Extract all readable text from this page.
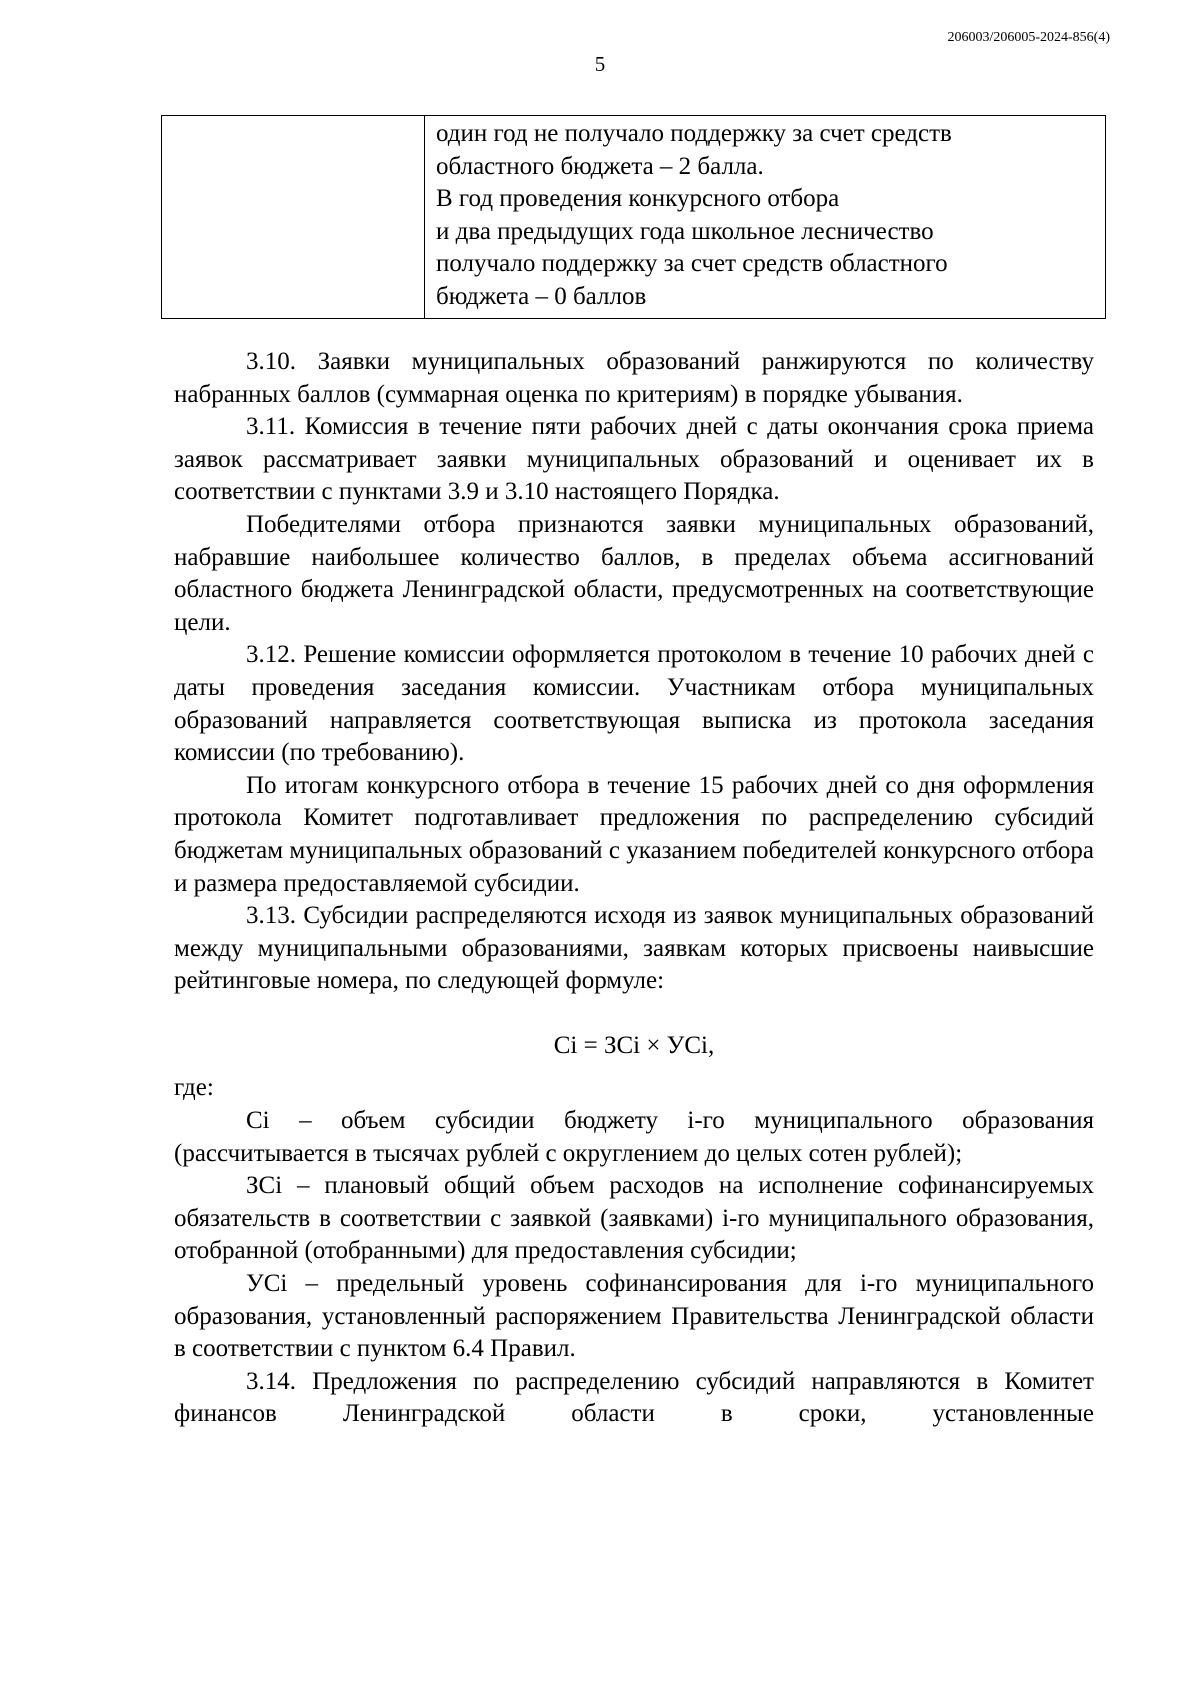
206003/206005-2024-856(4)
5

один год не получало поддержку за счет средств

областного бюджета – 2 балла.

В год проведения конкурсного отбора

и два предыдущих года школьное лесничество

получало поддержку за счет средств областного

бюджета – 0 баллов

3.10. Заявки муниципальных образований ранжируются по количеству набранных баллов (суммарная оценка по критериям) в порядке убывания.

3.11. Комиссия в течение пяти рабочих дней с даты окончания срока приема заявок рассматривает заявки муниципальных образований и оценивает их в соответствии с пунктами 3.9 и 3.10 настоящего Порядка.

Победителями отбора признаются заявки муниципальных образований, набравшие наибольшее количество баллов, в пределах объема ассигнований областного бюджета Ленинградской области, предусмотренных на соответствующие цели.

3.12. Решение комиссии оформляется протоколом в течение 10 рабочих дней с даты проведения заседания комиссии. Участникам отбора муниципальных образований направляется соответствующая выписка из протокола заседания комиссии (по требованию).

По итогам конкурсного отбора в течение 15 рабочих дней со дня оформления протокола Комитет подготавливает предложения по распределению субсидий бюджетам муниципальных образований с указанием победителей конкурсного отбора и размера предоставляемой субсидии.

3.13. Субсидии распределяются исходя из заявок муниципальных образований между муниципальными образованиями, заявкам которых присвоены наивысшие рейтинговые номера, по следующей формуле:

Ci = ЗCi × УCi,

где:

Ci – объем субсидии бюджету i-го муниципального образования (рассчитывается в тысячах рублей с округлением до целых сотен рублей);

ЗCi – плановый общий объем расходов на исполнение софинансируемых обязательств в соответствии с заявкой (заявками) i-го муниципального образования, отобранной (отобранными) для предоставления субсидии;

УCi – предельный уровень софинансирования для i-го муниципального образования, установленный распоряжением Правительства Ленинградской области в соответствии с пунктом 6.4 Правил.

3.14. Предложения по распределению субсидий направляются в Комитет финансов Ленинградской области в сроки, установленные
